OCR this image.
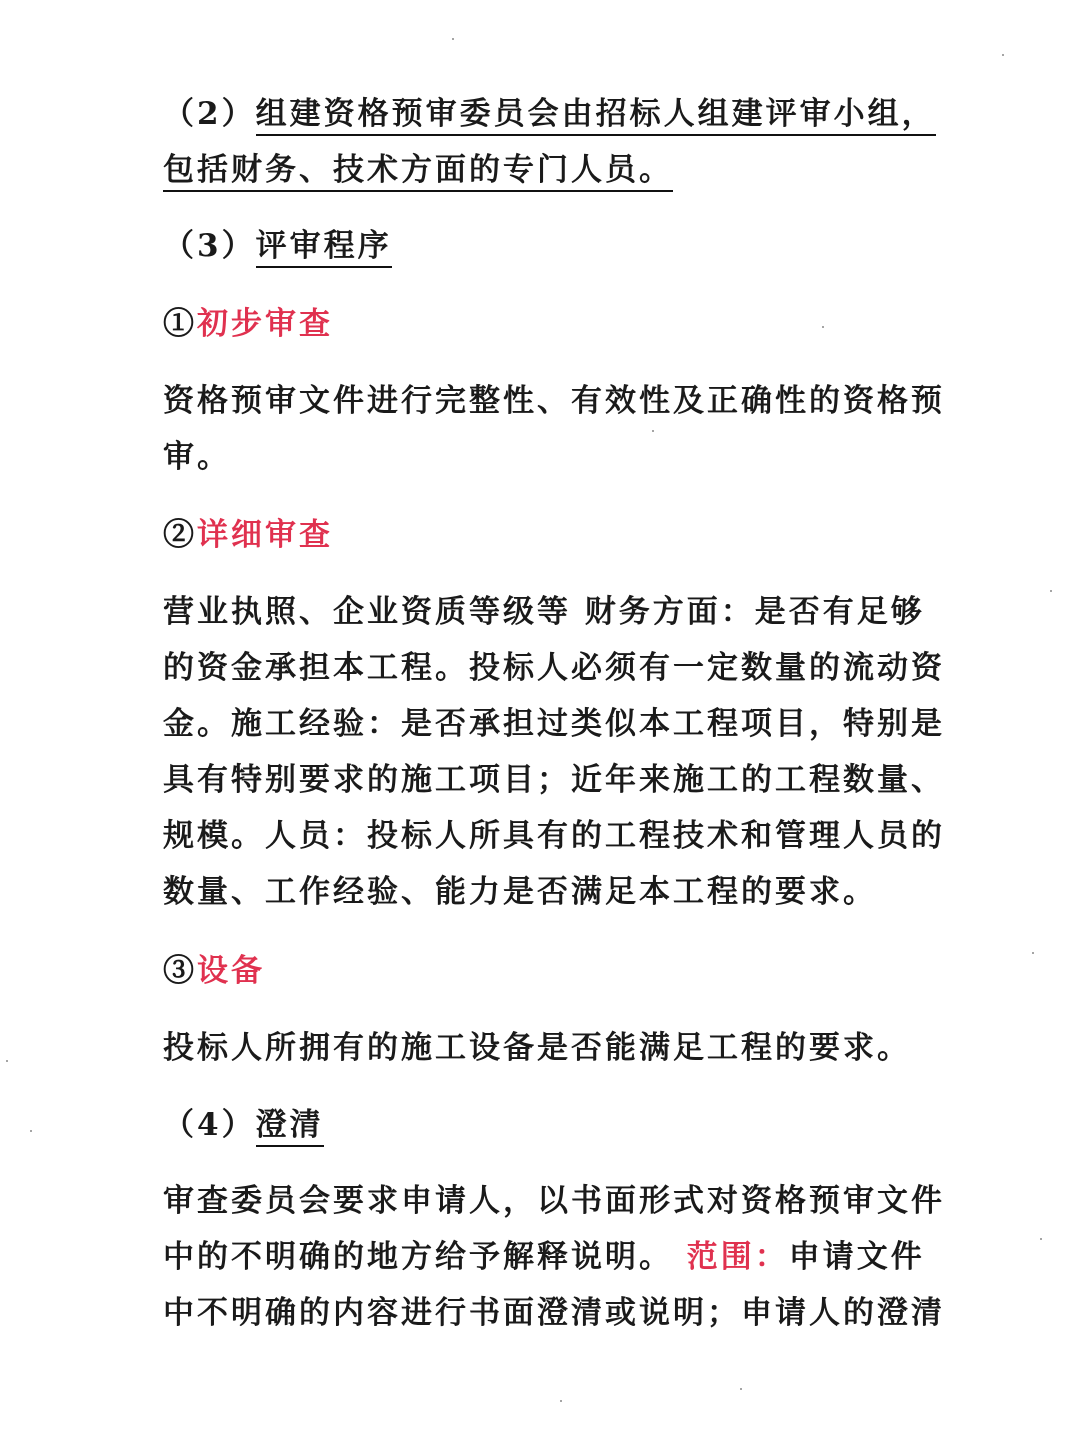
（2）组建资格预审委员会由招标人组建评审小组，
包括财务、技术方面的专门人员。
（3）评审程序
①初步审查
资格预审文件进行完整性、有效性及正确性的资格预
审。
②详细审查
营业执照、企业资质等级等 财务方面：是否有足够
的资金承担本工程。投标人必须有一定数量的流动资
金。施工经验：是否承担过类似本工程项目，特别是
具有特别要求的施工项目；近年来施工的工程数量、
规模。人员：投标人所具有的工程技术和管理人员的
数量、工作经验、能力是否满足本工程的要求。
③设备
投标人所拥有的施工设备是否能满足工程的要求。
（4）澄清
审查委员会要求申请人，以书面形式对资格预审文件
中的不明确的地方给予解释说明。 范围：申请文件
中不明确的内容进行书面澄清或说明；申请人的澄清
